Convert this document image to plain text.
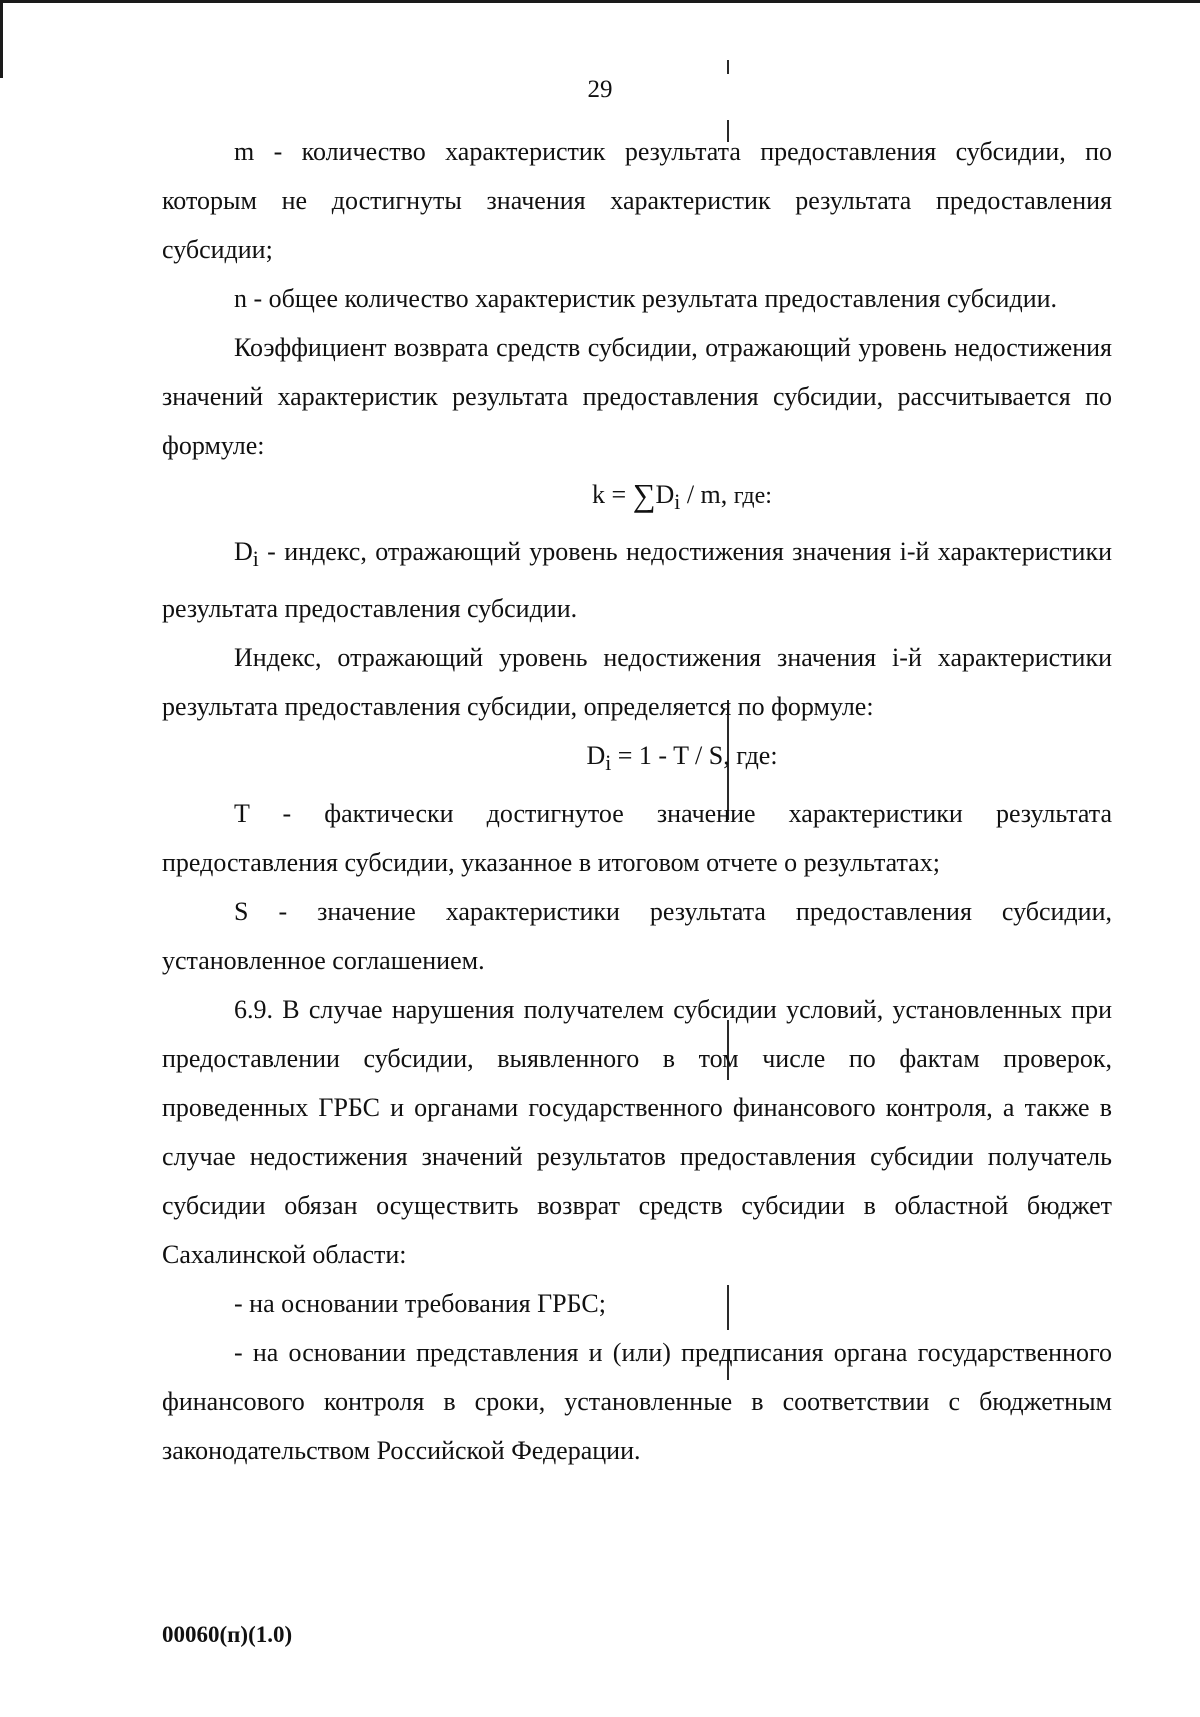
29

m - количество характеристик результата предоставления субсидии, по которым не достигнуты значения характеристик результата предоставления субсидии;

n - общее количество характеристик результата предоставления субсидии.

Коэффициент возврата средств субсидии, отражающий уровень недостижения значений характеристик результата предоставления субсидии, рассчитывается по формуле:

$k = \sum D_i / m$, где:

$D_i$ - индекс, отражающий уровень недостижения значения i-й характеристики результата предоставления субсидии.

Индекс, отражающий уровень недостижения значения i-й характеристики результата предоставления субсидии, определяется по формуле:

$D_i = 1 - T / S$, где:

T - фактически достигнутое значение характеристики результата предоставления субсидии, указанное в итоговом отчете о результатах;

S - значение характеристики результата предоставления субсидии, установленное соглашением.

6.9. В случае нарушения получателем субсидии условий, установленных при предоставлении субсидии, выявленного в том числе по фактам проверок, проведенных ГРБС и органами государственного финансового контроля, а также в случае недостижения значений результатов предоставления субсидии получатель субсидии обязан осуществить возврат средств субсидии в областной бюджет Сахалинской области:

- на основании требования ГРБС;

- на основании представления и (или) предписания органа государственного финансового контроля в сроки, установленные в соответствии с бюджетным законодательством Российской Федерации.

00060(п)(1.0)
